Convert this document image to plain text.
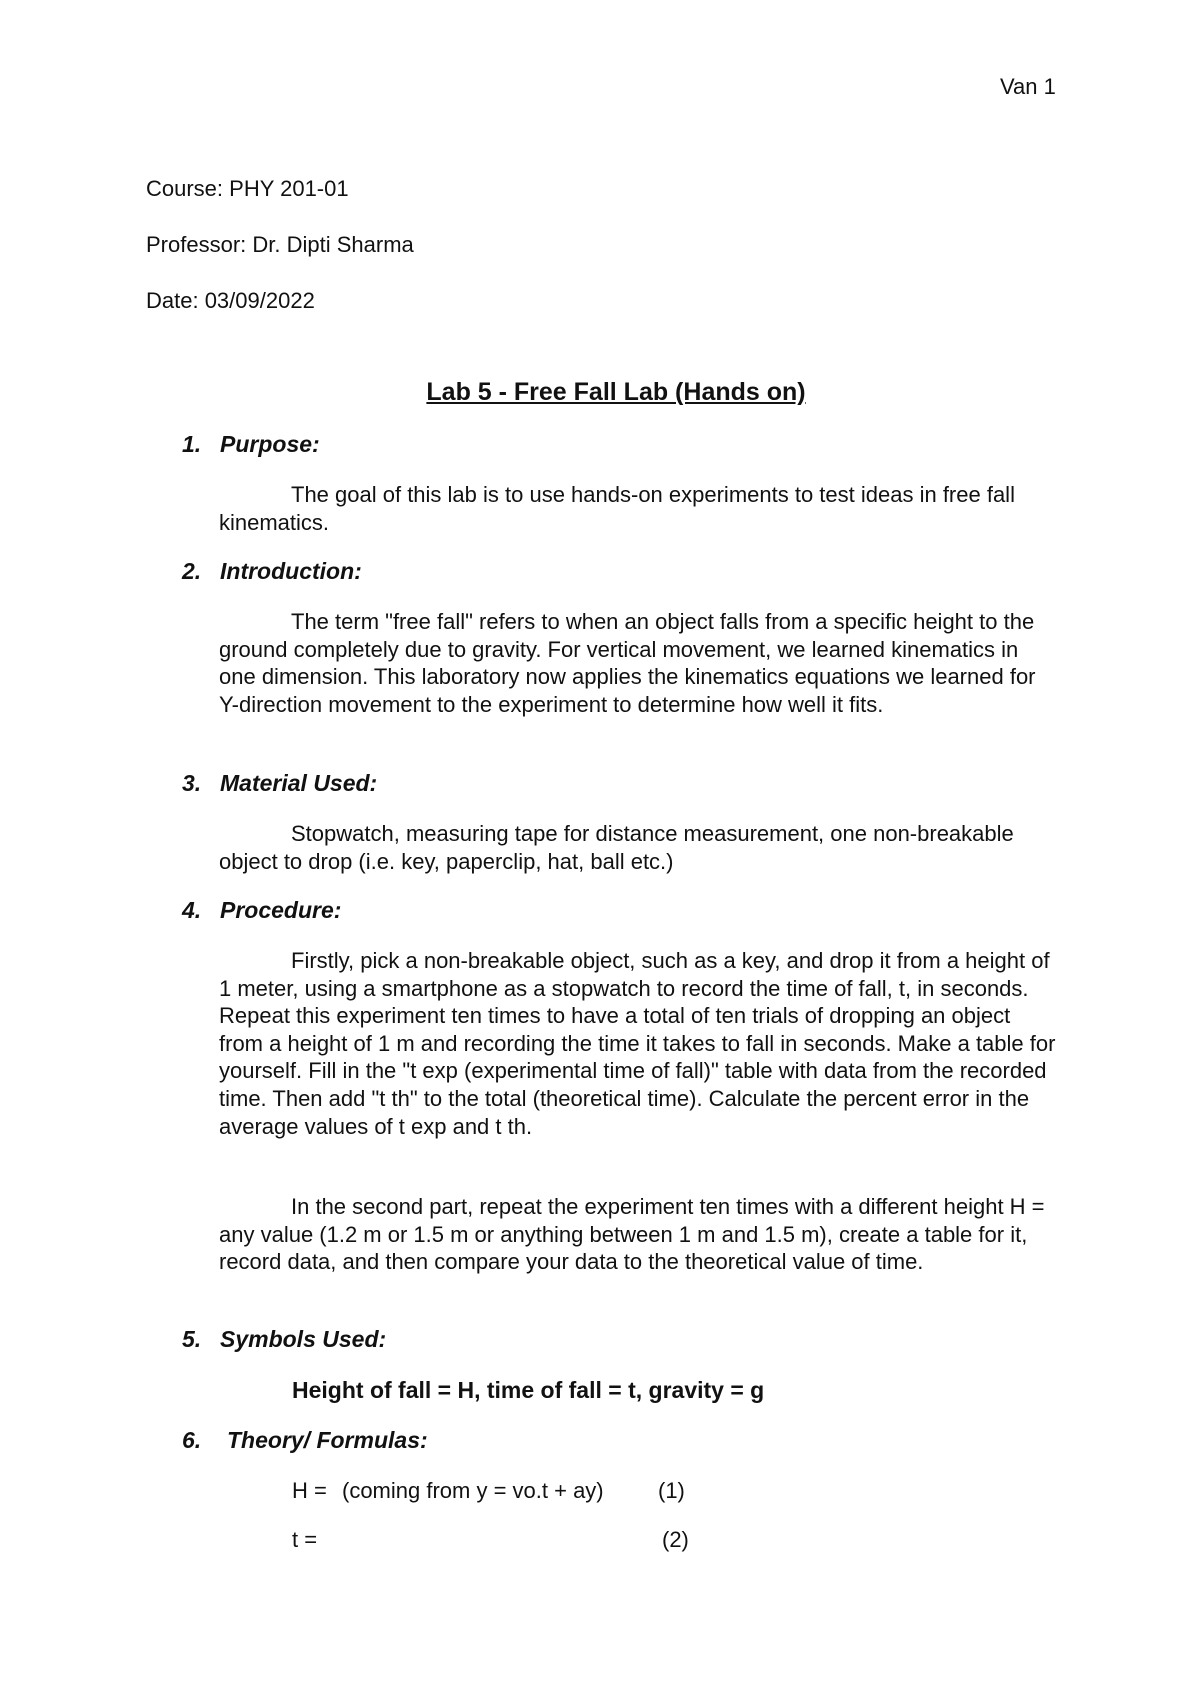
Van 1
Course: PHY 201-01
Professor: Dr. Dipti Sharma
Date: 03/09/2022
Lab 5 - Free Fall Lab (Hands on)
1. Purpose:
The goal of this lab is to use hands-on experiments to test ideas in free fall kinematics.
2. Introduction:
The term "free fall" refers to when an object falls from a specific height to the ground completely due to gravity. For vertical movement, we learned kinematics in one dimension. This laboratory now applies the kinematics equations we learned for Y-direction movement to the experiment to determine how well it fits.
3. Material Used:
Stopwatch, measuring tape for distance measurement, one non-breakable object to drop (i.e. key, paperclip, hat, ball etc.)
4. Procedure:
Firstly, pick a non-breakable object, such as a key, and drop it from a height of 1 meter, using a smartphone as a stopwatch to record the time of fall, t, in seconds. Repeat this experiment ten times to have a total of ten trials of dropping an object from a height of 1 m and recording the time it takes to fall in seconds. Make a table for yourself. Fill in the "t exp (experimental time of fall)" table with data from the recorded time. Then add "t th" to the total (theoretical time). Calculate the percent error in the average values of t exp and t th.
In the second part, repeat the experiment ten times with a different height H = any value (1.2 m or 1.5 m or anything between 1 m and 1.5 m), create a table for it, record data, and then compare your data to the theoretical value of time.
5. Symbols Used:
Height of fall = H, time of fall = t, gravity = g
6. Theory/ Formulas:
H = (coming from y = vo.t + ay) (1)
t =	(2)
